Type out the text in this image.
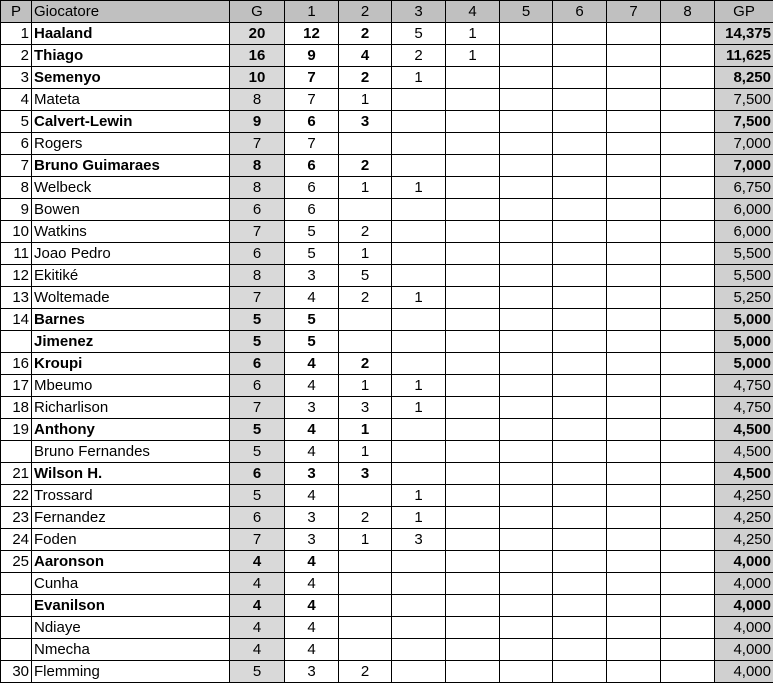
P	Giocatore	G	1	2	3	4	5	6	7	8	GP
1	Haaland	20	12	2	5	1					14,375
2	Thiago	16	9	4	2	1					11,625
3	Semenyo	10	7	2	1						8,250
4	Mateta	8	7	1							7,500
5	Calvert-Lewin	9	6	3							7,500
6	Rogers	7	7								7,000
7	Bruno Guimaraes	8	6	2							7,000
8	Welbeck	8	6	1	1						6,750
9	Bowen	6	6								6,000
10	Watkins	7	5	2							6,000
11	Joao Pedro	6	5	1							5,500
12	Ekitiké	8	3	5							5,500
13	Woltemade	7	4	2	1						5,250
14	Barnes	5	5								5,000
	Jimenez	5	5								5,000
16	Kroupi	6	4	2							5,000
17	Mbeumo	6	4	1	1						4,750
18	Richarlison	7	3	3	1						4,750
19	Anthony	5	4	1							4,500
	Bruno Fernandes	5	4	1							4,500
21	Wilson H.	6	3	3							4,500
22	Trossard	5	4		1						4,250
23	Fernandez	6	3	2	1						4,250
24	Foden	7	3	1	3						4,250
25	Aaronson	4	4								4,000
	Cunha	4	4								4,000
	Evanilson	4	4								4,000
	Ndiaye	4	4								4,000
	Nmecha	4	4								4,000
30	Flemming	5	3	2							4,000
